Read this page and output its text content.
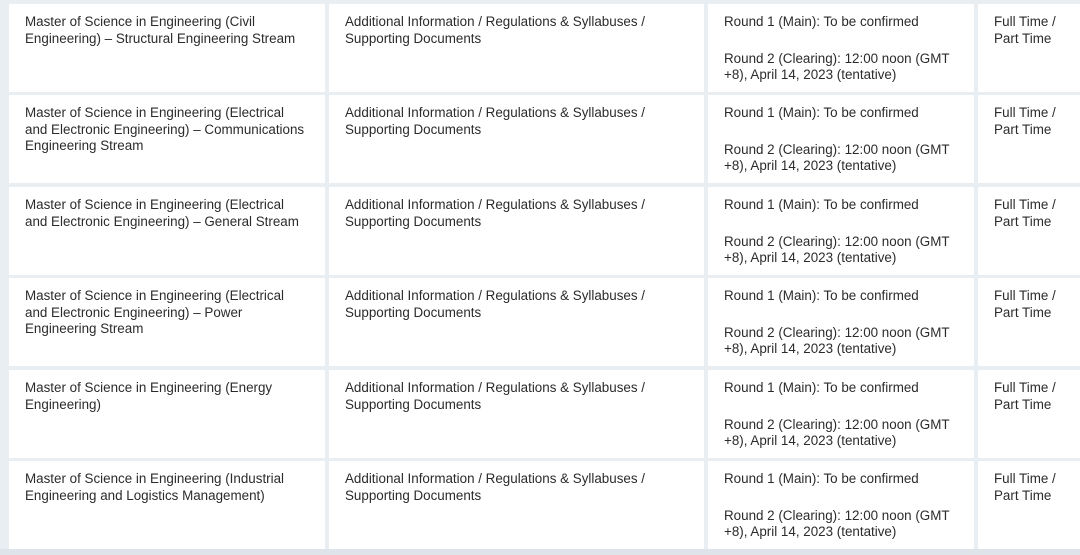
Master of Science in Engineering (Civil Engineering) – Structural Engineering Stream
Additional Information / Regulations & Syllabuses / Supporting Documents
Round 1 (Main): To be confirmed
Round 2 (Clearing): 12:00 noon (GMT +8), April 14, 2023 (tentative)
Full Time / Part Time
Master of Science in Engineering (Electrical and Electronic Engineering) – Communications Engineering Stream
Additional Information / Regulations & Syllabuses / Supporting Documents
Round 1 (Main): To be confirmed
Round 2 (Clearing): 12:00 noon (GMT +8), April 14, 2023 (tentative)
Full Time / Part Time
Master of Science in Engineering (Electrical and Electronic Engineering) – General Stream
Additional Information / Regulations & Syllabuses / Supporting Documents
Round 1 (Main): To be confirmed
Round 2 (Clearing): 12:00 noon (GMT +8), April 14, 2023 (tentative)
Full Time / Part Time
Master of Science in Engineering (Electrical and Electronic Engineering) – Power Engineering Stream
Additional Information / Regulations & Syllabuses / Supporting Documents
Round 1 (Main): To be confirmed
Round 2 (Clearing): 12:00 noon (GMT +8), April 14, 2023 (tentative)
Full Time / Part Time
Master of Science in Engineering (Energy Engineering)
Additional Information / Regulations & Syllabuses / Supporting Documents
Round 1 (Main): To be confirmed
Round 2 (Clearing): 12:00 noon (GMT +8), April 14, 2023 (tentative)
Full Time / Part Time
Master of Science in Engineering (Industrial Engineering and Logistics Management)
Additional Information / Regulations & Syllabuses / Supporting Documents
Round 1 (Main): To be confirmed
Round 2 (Clearing): 12:00 noon (GMT +8), April 14, 2023 (tentative)
Full Time / Part Time
